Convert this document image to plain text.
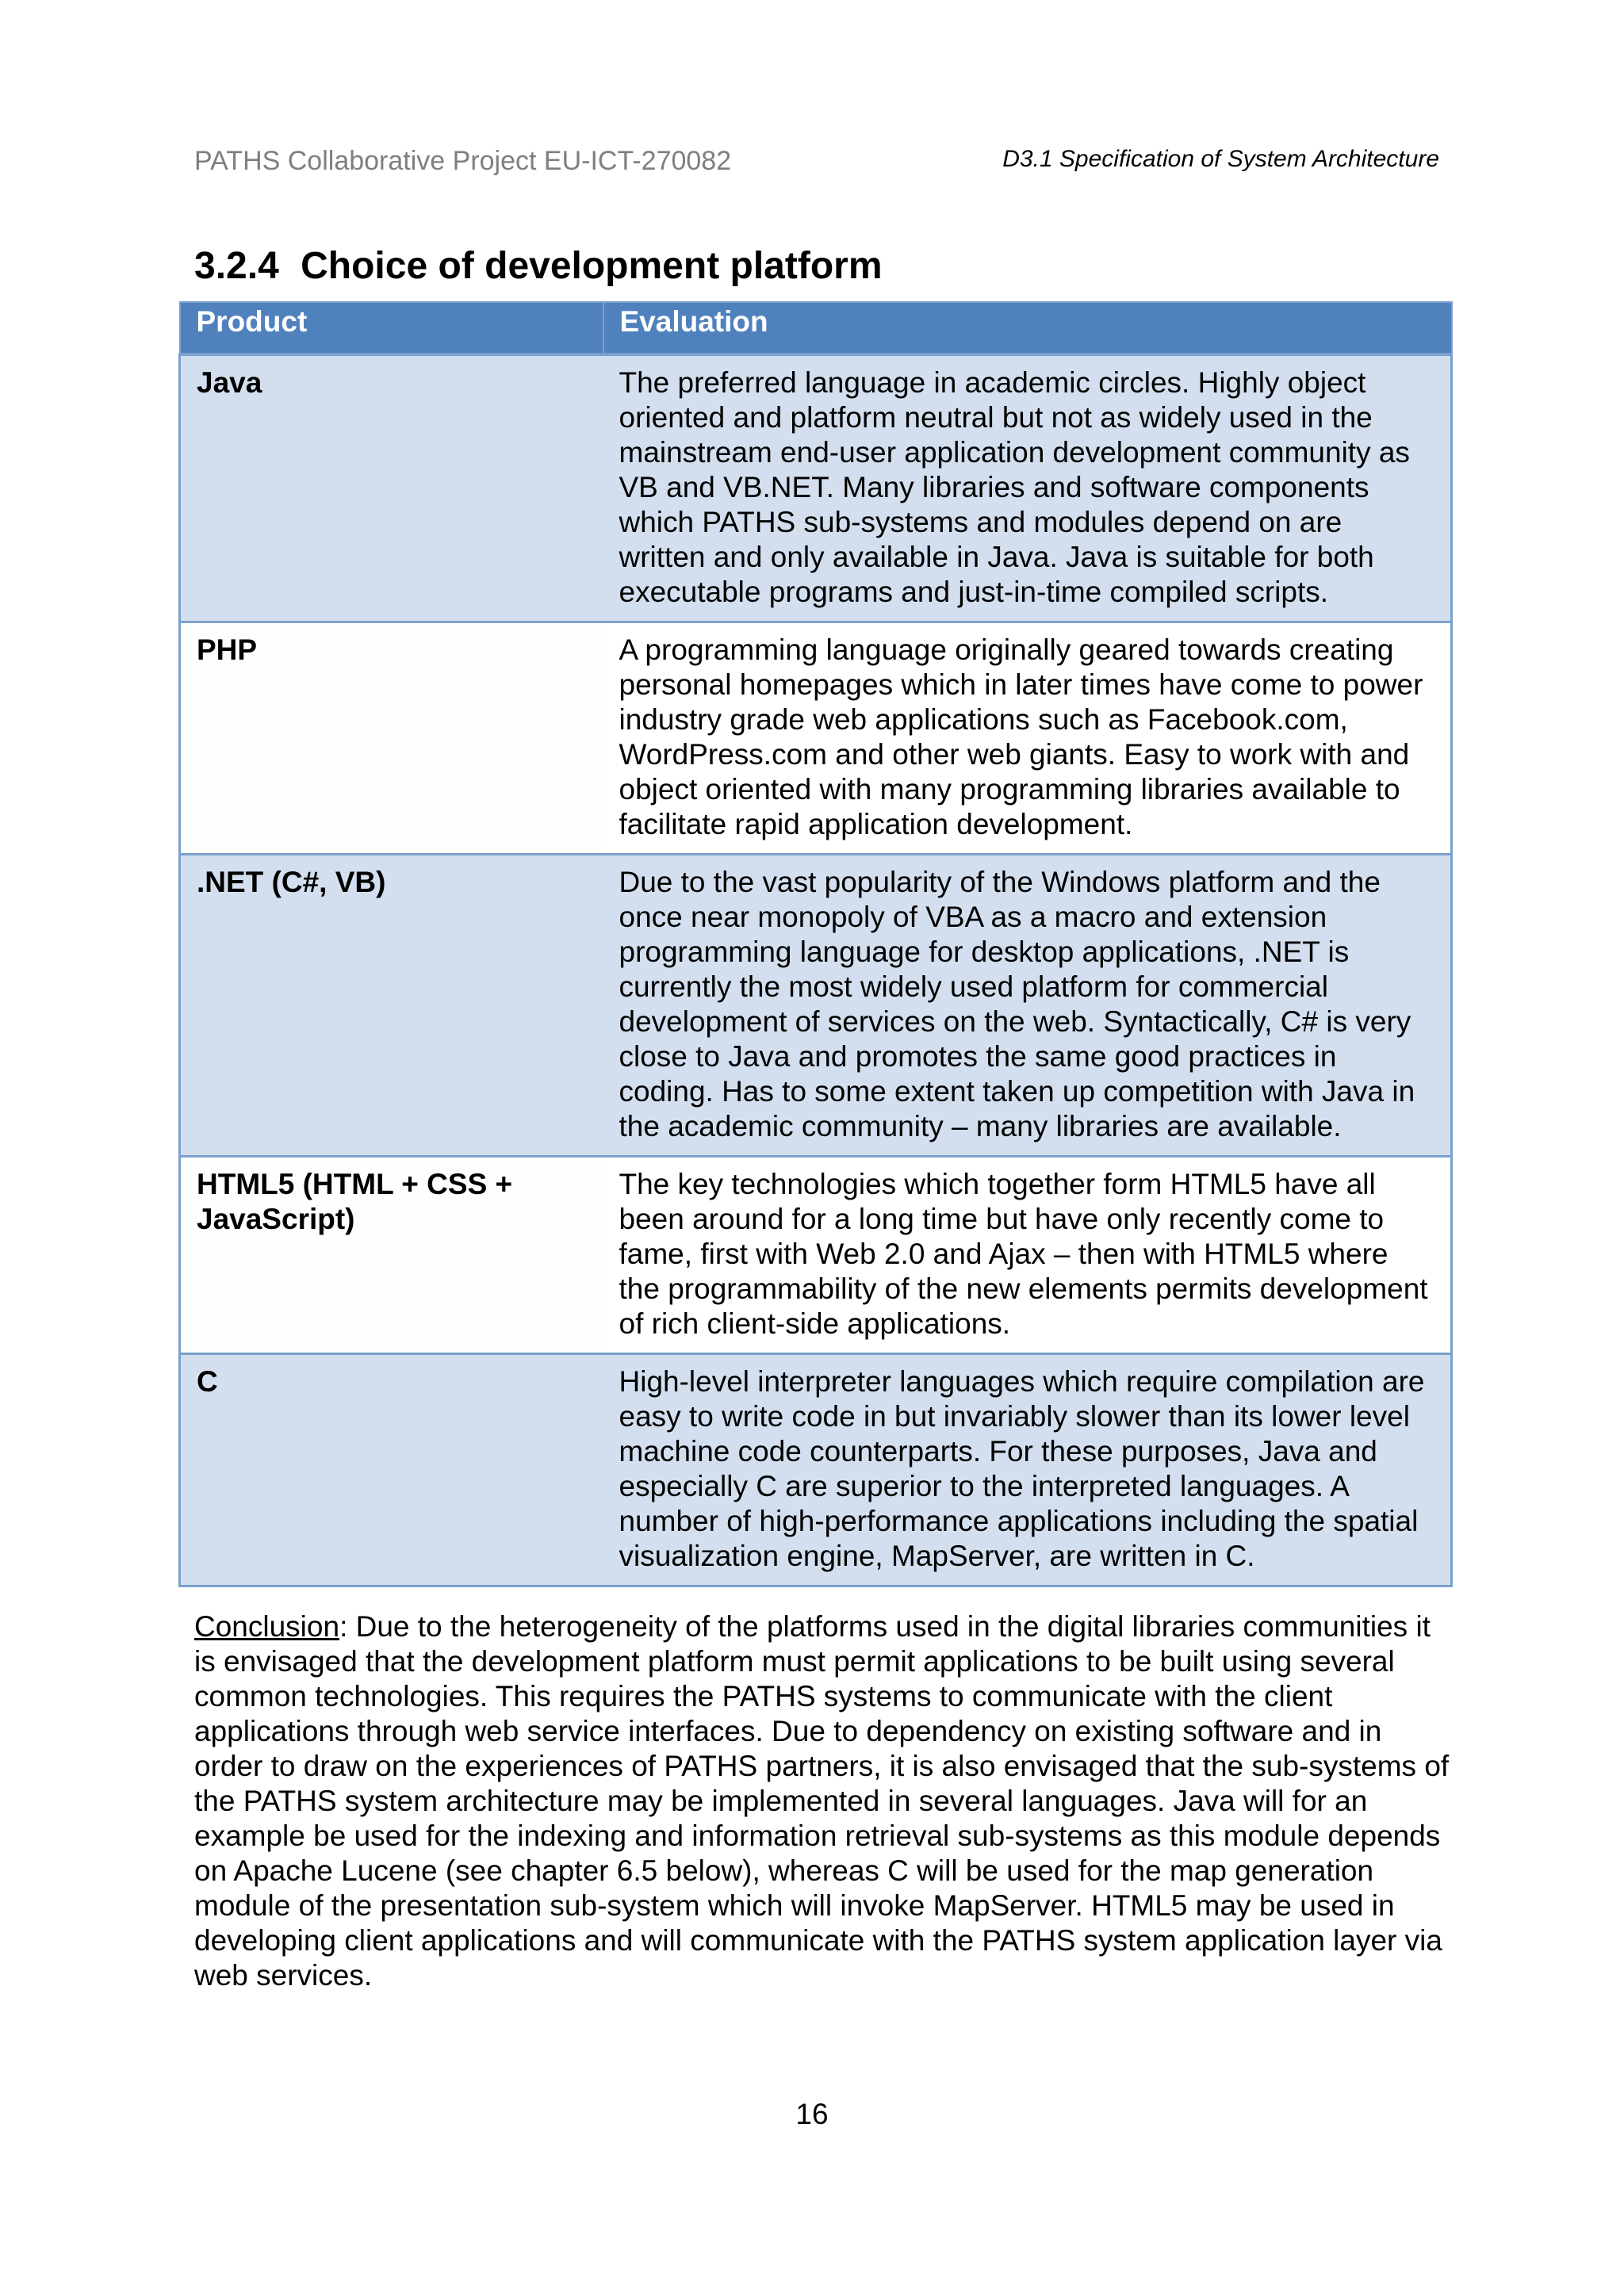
PATHS Collaborative Project EU-ICT-270082	D3.1 Specification of System Architecture
3.2.4 Choice of development platform
Product	Evaluation
Java	The preferred language in academic circles. Highly object oriented and platform neutral but not as widely used in the mainstream end-user application development community as VB and VB.NET. Many libraries and software components which PATHS sub-systems and modules depend on are written and only available in Java. Java is suitable for both executable programs and just-in-time compiled scripts.
PHP	A programming language originally geared towards creating personal homepages which in later times have come to power industry grade web applications such as Facebook.com, WordPress.com and other web giants. Easy to work with and object oriented with many programming libraries available to facilitate rapid application development.
.NET (C#, VB)	Due to the vast popularity of the Windows platform and the once near monopoly of VBA as a macro and extension programming language for desktop applications, .NET is currently the most widely used platform for commercial development of services on the web. Syntactically, C# is very close to Java and promotes the same good practices in coding. Has to some extent taken up competition with Java in the academic community – many libraries are available.
HTML5 (HTML + CSS + JavaScript)	The key technologies which together form HTML5 have all been around for a long time but have only recently come to fame, first with Web 2.0 and Ajax – then with HTML5 where the programmability of the new elements permits development of rich client-side applications.
C	High-level interpreter languages which require compilation are easy to write code in but invariably slower than its lower level machine code counterparts. For these purposes, Java and especially C are superior to the interpreted languages. A number of high-performance applications including the spatial visualization engine, MapServer, are written in C.

Conclusion: Due to the heterogeneity of the platforms used in the digital libraries communities it is envisaged that the development platform must permit applications to be built using several common technologies. This requires the PATHS systems to communicate with the client applications through web service interfaces. Due to dependency on existing software and in order to draw on the experiences of PATHS partners, it is also envisaged that the sub-systems of the PATHS system architecture may be implemented in several languages. Java will for an example be used for the indexing and information retrieval sub-systems as this module depends on Apache Lucene (see chapter 6.5 below), whereas C will be used for the map generation module of the presentation sub-system which will invoke MapServer. HTML5 may be used in developing client applications and will communicate with the PATHS system application layer via web services.

16
